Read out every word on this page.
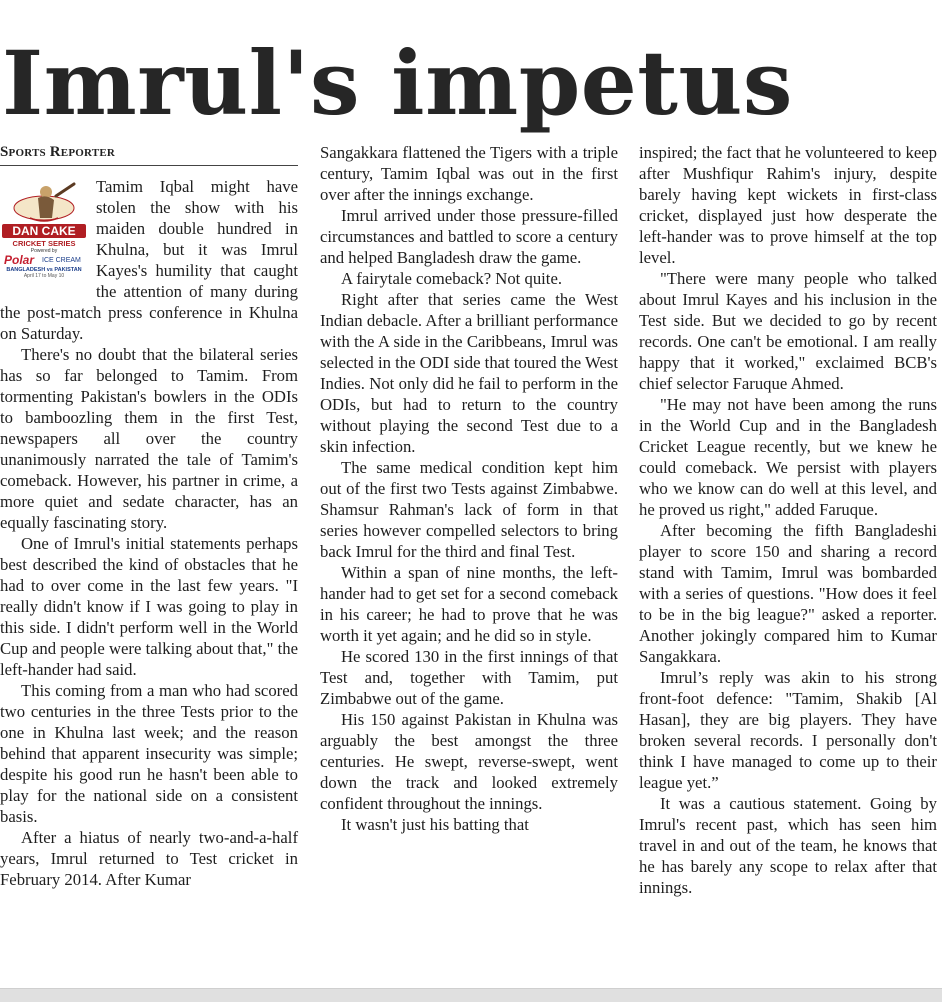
Imrul's impetus
Sports Reporter
DAN CAKE
CRICKET SERIES
Powered by
Polar ICE CREAM
BANGLADESH vs PAKISTAN
April 17 to May 10

Tamim Iqbal might have stolen the show with his maiden double hundred in Khulna, but it was Imrul Kayes's humility that caught the attention of many during the post-match press conference in Khulna on Saturday.

There's no doubt that the bilateral series has so far belonged to Tamim. From tormenting Pakistan's bowlers in the ODIs to bamboozling them in the first Test, newspapers all over the country unanimously narrated the tale of Tamim's comeback. However, his partner in crime, a more quiet and sedate character, has an equally fascinating story.

One of Imrul's initial statements perhaps best described the kind of obstacles that he had to over come in the last few years. "I really didn't know if I was going to play in this side. I didn't perform well in the World Cup and people were talking about that," the left-hander had said.

This coming from a man who had scored two centuries in the three Tests prior to the one in Khulna last week; and the reason behind that apparent insecurity was simple; despite his good run he hasn't been able to play for the national side on a consistent basis.

After a hiatus of nearly two-and-a-half years, Imrul returned to Test cricket in February 2014. After Kumar

Sangakkara flattened the Tigers with a triple century, Tamim Iqbal was out in the first over after the innings exchange.

Imrul arrived under those pressure-filled circumstances and battled to score a century and helped Bangladesh draw the game.

A fairytale comeback? Not quite.

Right after that series came the West Indian debacle. After a brilliant performance with the A side in the Caribbeans, Imrul was selected in the ODI side that toured the West Indies. Not only did he fail to perform in the ODIs, but had to return to the country without playing the second Test due to a skin infection.

The same medical condition kept him out of the first two Tests against Zimbabwe. Shamsur Rahman's lack of form in that series however compelled selectors to bring back Imrul for the third and final Test.

Within a span of nine months, the left-hander had to get set for a second comeback in his career; he had to prove that he was worth it yet again; and he did so in style.

He scored 130 in the first innings of that Test and, together with Tamim, put Zimbabwe out of the game.

His 150 against Pakistan in Khulna was arguably the best amongst the three centuries. He swept, reverse-swept, went down the track and looked extremely confident throughout the innings.

It wasn't just his batting that

inspired; the fact that he volunteered to keep after Mushfiqur Rahim's injury, despite barely having kept wickets in first-class cricket, displayed just how desperate the left-hander was to prove himself at the top level.

"There were many people who talked about Imrul Kayes and his inclusion in the Test side. But we decided to go by recent records. One can't be emotional. I am really happy that it worked," exclaimed BCB's chief selector Faruque Ahmed.

"He may not have been among the runs in the World Cup and in the Bangladesh Cricket League recently, but we knew he could comeback. We persist with players who we know can do well at this level, and he proved us right," added Faruque.

After becoming the fifth Bangladeshi player to score 150 and sharing a record stand with Tamim, Imrul was bombarded with a series of questions. "How does it feel to be in the big league?" asked a reporter. Another jokingly compared him to Kumar Sangakkara.

Imrul’s reply was akin to his strong front-foot defence: "Tamim, Shakib [Al Hasan], they are big players. They have broken several records. I personally don't think I have managed to come up to their league yet.”

It was a cautious statement. Going by Imrul's recent past, which has seen him travel in and out of the team, he knows that he has barely any scope to relax after that innings.
